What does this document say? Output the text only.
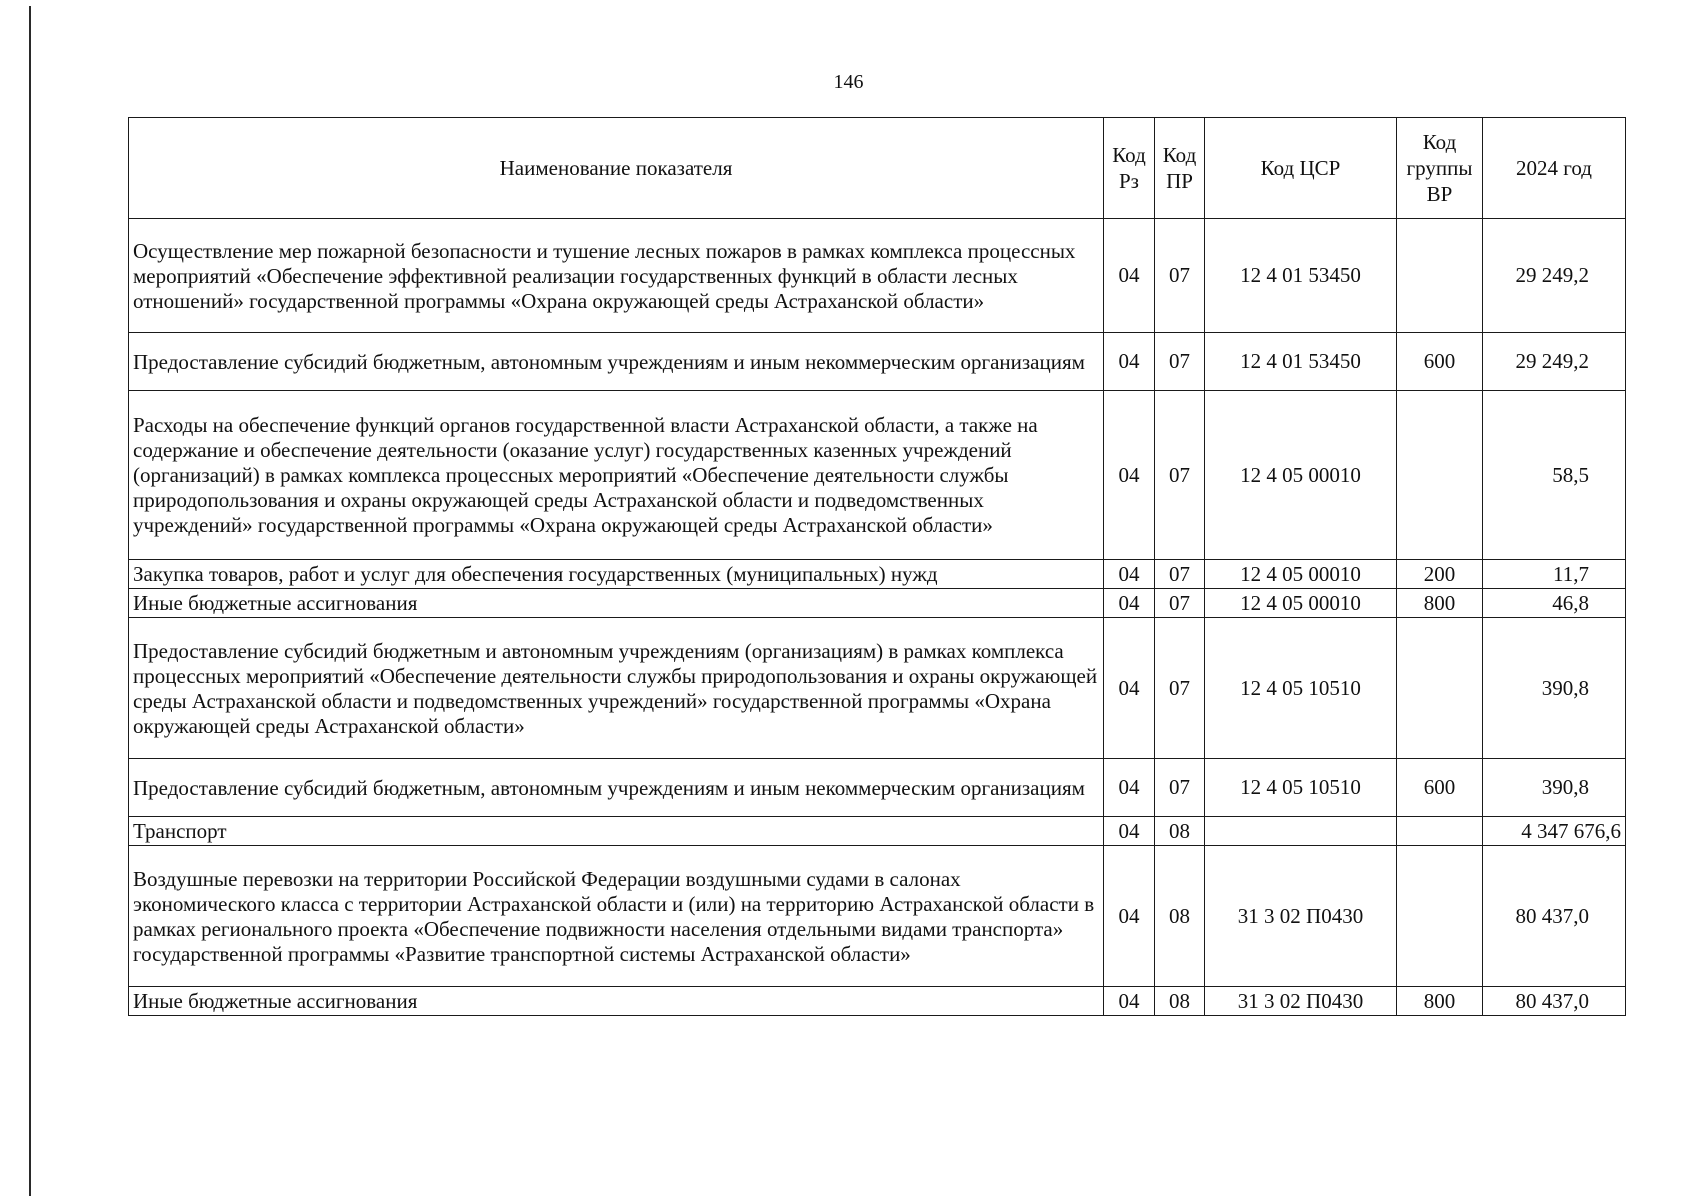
146
Наименование показателя	Код Рз	Код ПР	Код ЦСР	Код группы ВР	2024 год
Осуществление мер пожарной безопасности и тушение лесных пожаров в рамках комплекса процессных мероприятий «Обеспечение эффективной реализации государственных функций в области лесных отношений» государственной программы «Охрана окружающей среды Астраханской области»	04	07	12 4 01 53450		29 249,2
Предоставление субсидий бюджетным, автономным учреждениям и иным некоммерческим организациям	04	07	12 4 01 53450	600	29 249,2
Расходы на обеспечение функций органов государственной власти Астраханской области, а также на содержание и обеспечение деятельности (оказание услуг) государственных казенных учреждений (организаций) в рамках комплекса процессных мероприятий «Обеспечение деятельности службы природопользования и охраны окружающей среды Астраханской области и подведомственных учреждений» государственной программы «Охрана окружающей среды Астраханской области»	04	07	12 4 05 00010		58,5
Закупка товаров, работ и услуг для обеспечения государственных (муниципальных) нужд	04	07	12 4 05 00010	200	11,7
Иные бюджетные ассигнования	04	07	12 4 05 00010	800	46,8
Предоставление субсидий бюджетным и автономным учреждениям (организациям) в рамках комплекса процессных мероприятий «Обеспечение деятельности службы природопользования и охраны окружающей среды Астраханской области и подведомственных учреждений» государственной программы «Охрана окружающей среды Астраханской области»	04	07	12 4 05 10510		390,8
Предоставление субсидий бюджетным, автономным учреждениям и иным некоммерческим организациям	04	07	12 4 05 10510	600	390,8
Транспорт	04	08			4 347 676,6
Воздушные перевозки на территории Российской Федерации воздушными судами в салонах экономического класса с территории Астраханской области и (или) на территорию Астраханской области в рамках регионального проекта «Обеспечение подвижности населения отдельными видами транспорта» государственной программы «Развитие транспортной системы Астраханской области»	04	08	31 3 02 П0430		80 437,0
Иные бюджетные ассигнования	04	08	31 3 02 П0430	800	80 437,0
